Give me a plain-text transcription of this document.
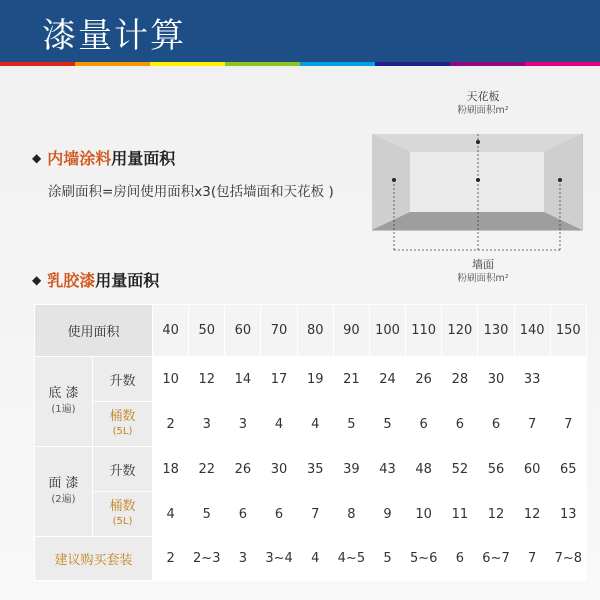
漆量计算
◆ 内墙涂料 用量面积
涂刷面积=房间使用面积x3(包括墙面和天花板 )
天花板
粉刷面积m²
墙面
粉刷面积m²
◆ 乳胶漆 用量面积
使用面积		40	50	60	70	80	90	100	110	120	130	140	150

底 漆
(1遍)	升数	10	12	14	17	19	21	24	26	28	30	33	

	桶数
(5L)	2	3	3	4	4	5	5	6	6	6	7	7

面 漆
(2遍)	升数	18	22	26	30	35	39	43	48	52	56	60	65

	桶数
(5L)	4	5	6	6	7	8	9	10	11	12	12	13
建议购买套装		2	2~3	3	3~4	4	4~5	5	5~6	6	6~7	7	7~8
